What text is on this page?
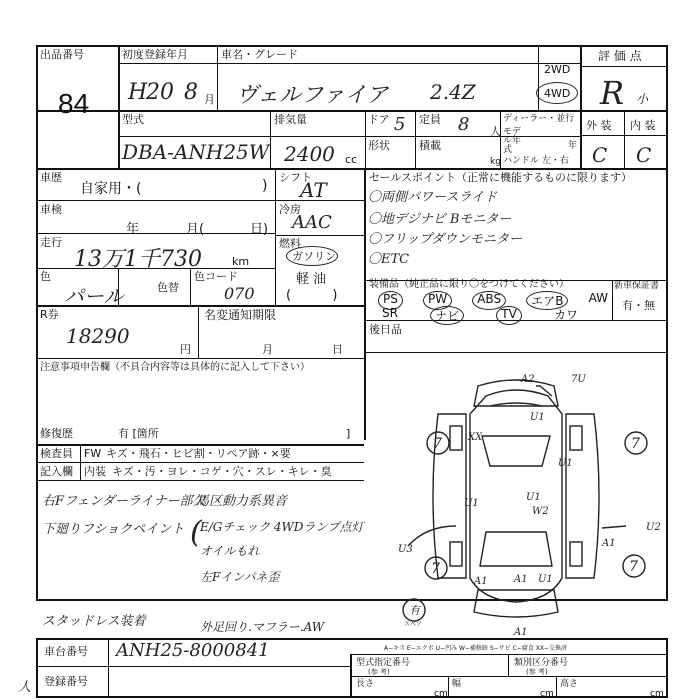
出品番号
84
初度登録年月
H
20 8 月
車名・グレード
ヴェルファイア 2.4Z
2WD
4WD
評 価 点
R 小
外 装 内 装
C C
型式
DBA-ANH25W
排気量
2400 cc
ドア 5 定員 8 人
ディーラー・並行
モデル年式	年
形状	積載
kg ハンドル 左・右
車歴
自家用・(	)
車検
年	月(	日)
走行
13万1千730	km
色
パール	色替
色コード
070
シフト
AT
冷房
AAC
燃料
ガソリン
軽 油
(          )
R券
18290
円
名変通知期限
月	日
注意事項申告欄（不具合内容等は具体的に記入して下さい）
修復歴	有 [箇所	]
セールスポイント（正常に機能するものに限ります）
〇両側パワースライド
〇地デジナビ Bモニター
〇フリップダウンモニター
〇ETC
装備品（純正品に限り〇をつけてください）	新車保証書
有・無
PS	PW	ABS	エアB	AW
SR	ナビ	TV	カワ
後日品
検査員
記入欄
FW キズ・飛石・ヒビ割・リペア跡・×要
内装 キズ・汚・ヨレ・コゲ・穴・スレ・キレ・臭
右Fフェンダーライナー部欠
下廻りフショクペイント
馬区動力系異音
E/Gチェック 4WDランプ点灯
オイルもれ
左Fインパネ歪
スタッドレス装着	外足回り.マフラー.AW
人
(
A2	7U
U1
XX
7	7
U1
U1
W2
U2
A1
7	7
U3
A1 U1
A1
U1
A1
有
スペア
A−キズ E−エクボ U−凹み W−補修跡 S−サビ C−腐食 XX−交換済
車台番号 ANH25-8000841
登録番号
型式指定番号
(参 考)
類別区分番号
(参 考)
長さ
cm
幅
cm
高さ
cm
